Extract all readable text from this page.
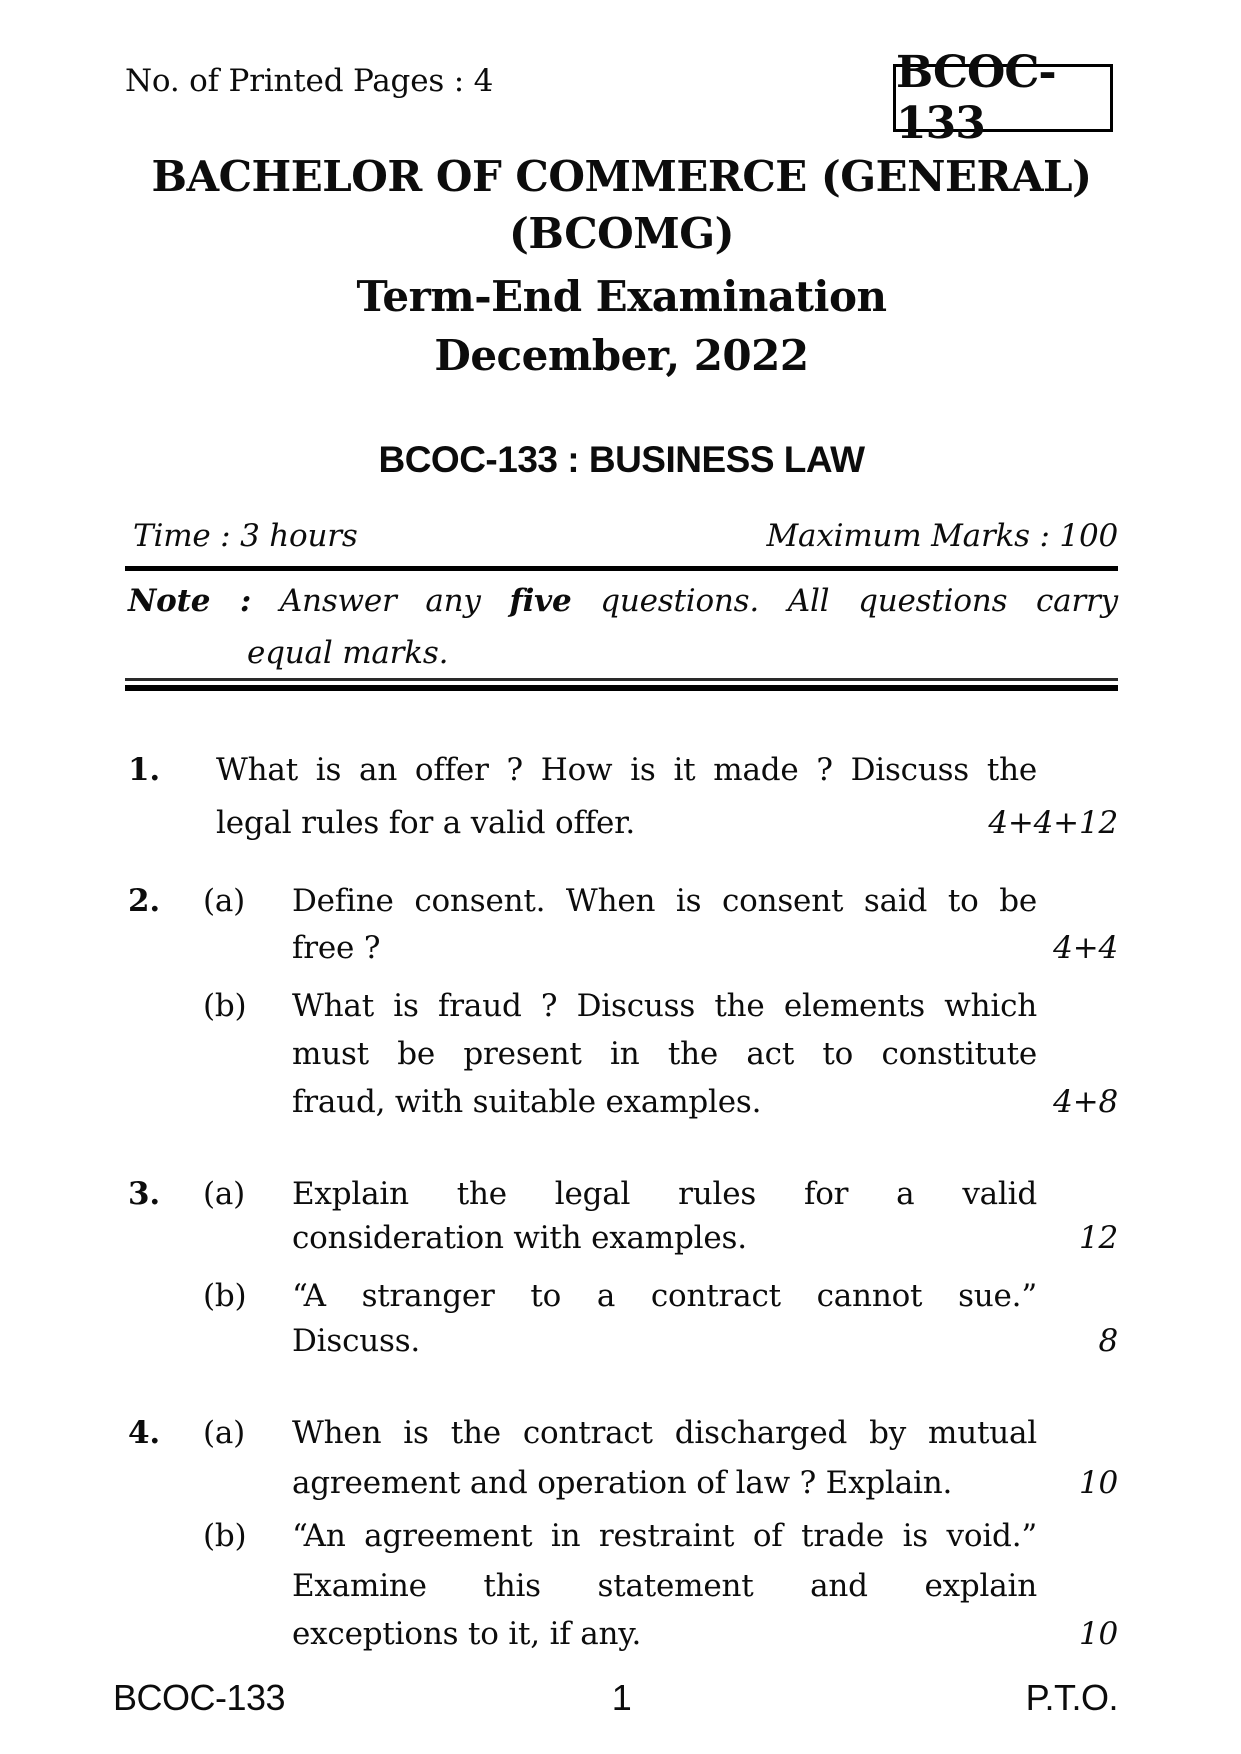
No. of Printed Pages : 4	BCOC-133
BACHELOR OF COMMERCE (GENERAL)
(BCOMG)
Term-End Examination
December, 2022
BCOC-133 : BUSINESS LAW
Time : 3 hours	Maximum Marks : 100
Note : Answer any five questions. All questions carry
equal marks.
1. What is an offer ? How is it made ? Discuss the
legal rules for a valid offer.	4+4+12
2. (a) Define consent. When is consent said to be
free ?	4+4
(b) What is fraud ? Discuss the elements which
must be present in the act to constitute
fraud, with suitable examples.	4+8
3. (a) Explain the legal rules for a valid
consideration with examples.	12
(b) “A stranger to a contract cannot sue.”
Discuss.	8
4. (a) When is the contract discharged by mutual
agreement and operation of law ? Explain.	10
(b) “An agreement in restraint of trade is void.”
Examine this statement and explain
exceptions to it, if any.	10
BCOC-133	1	P.T.O.
